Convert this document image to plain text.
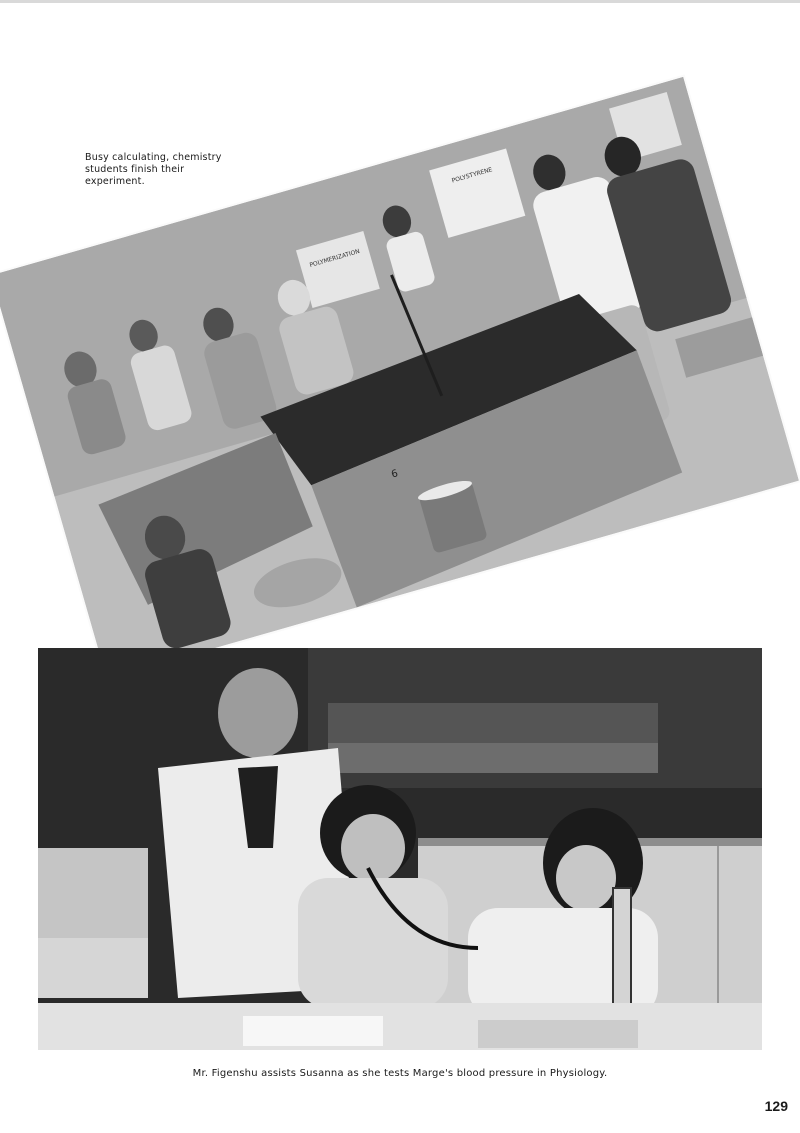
POLYMERIZATION
POLYSTYRENE
6
Busy calculating, chemistry students finish their experiment.
Mr. Figenshu assists Susanna as she tests Marge's blood pressure in Physiology.
129
